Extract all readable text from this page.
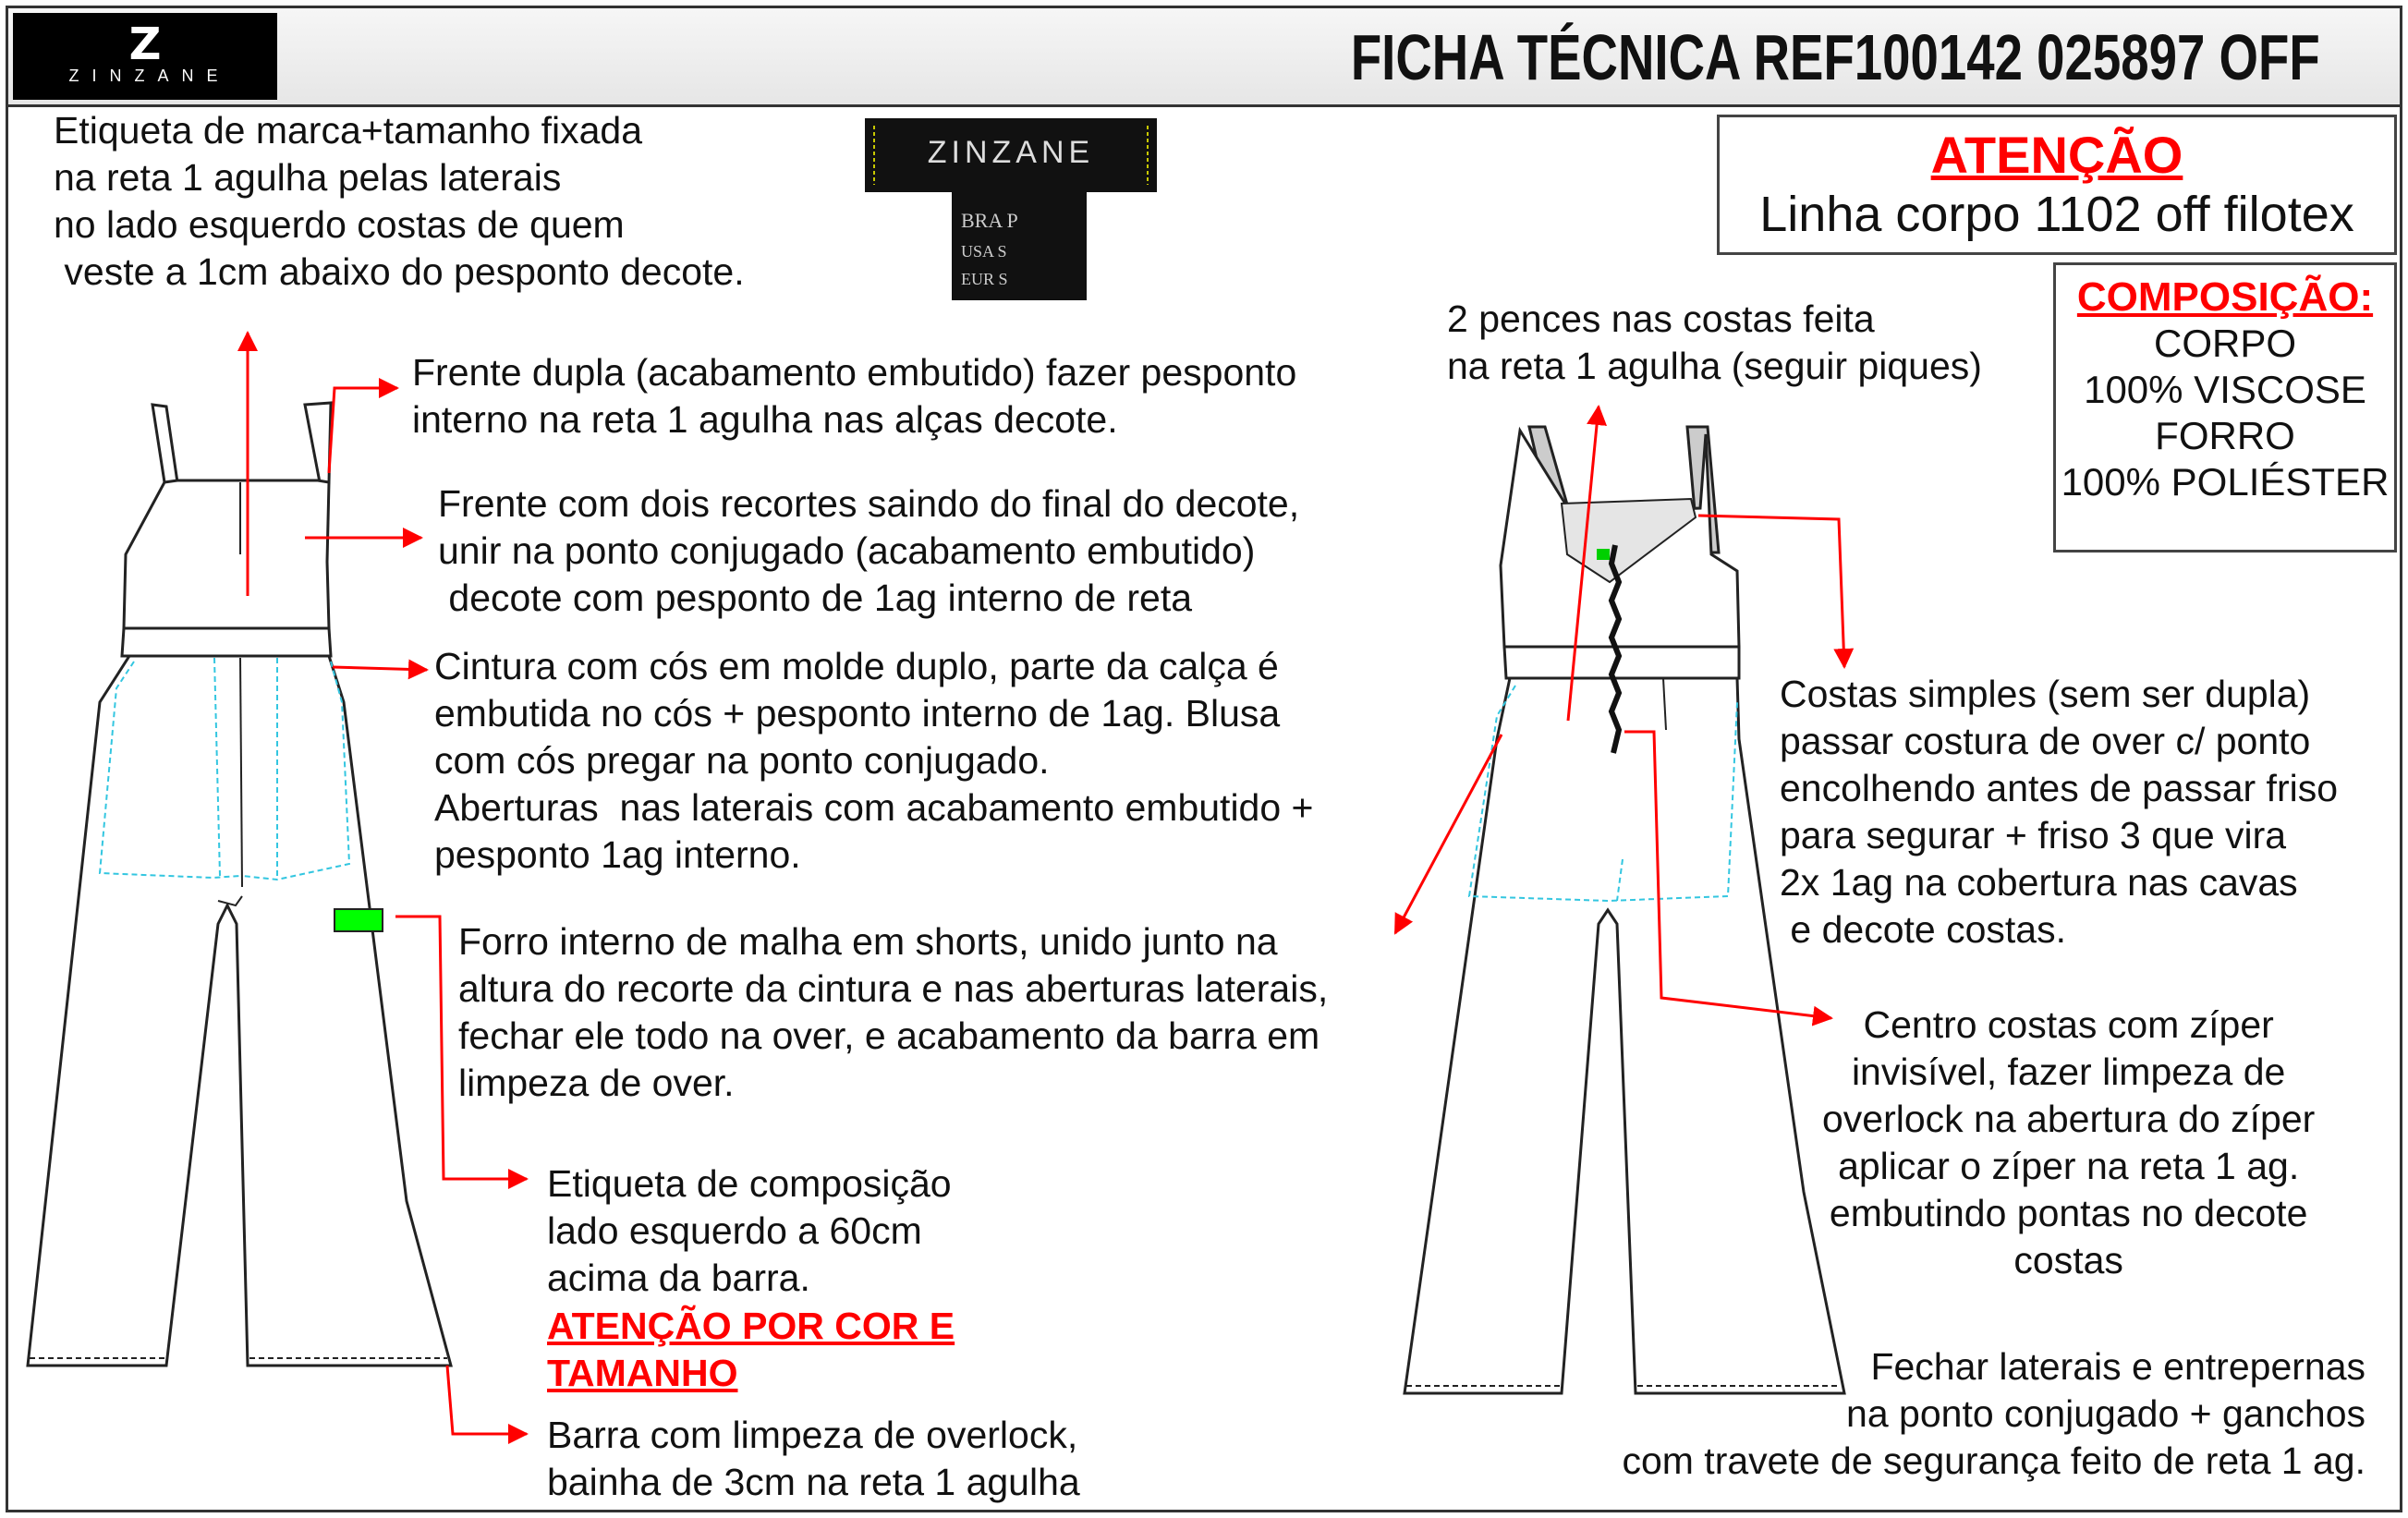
Z
ZINZANE	FICHA TÉCNICA REF100142 025897 OFF
ZINZANE
BRA P
USA S
EUR S
ATENÇÃO
Linha corpo 1102 off filotex
COMPOSIÇÃO:
CORPO
100% VISCOSE
FORRO
100% POLIÉSTER
Etiqueta de marca+tamanho fixada
na reta 1 agulha pelas laterais
no lado esquerdo costas de quem
veste a 1cm abaixo do pesponto decote.
Frente dupla (acabamento embutido) fazer pesponto
interno na reta 1 agulha nas alças decote.
Frente com dois recortes saindo do final do decote,
unir na ponto conjugado (acabamento embutido)
decote com pesponto de 1ag interno de reta
Cintura com cós em molde duplo, parte da calça é
embutida no cós + pesponto interno de 1ag. Blusa
com cós pregar na ponto conjugado.
Aberturas  nas laterais com acabamento embutido +
pesponto 1ag interno.
Forro interno de malha em shorts, unido junto na
altura do recorte da cintura e nas aberturas laterais,
fechar ele todo na over, e acabamento da barra em
limpeza de over.
Etiqueta de composição
lado esquerdo a 60cm
acima da barra.
ATENÇÃO POR COR E
TAMANHO
Barra com limpeza de overlock,
bainha de 3cm na reta 1 agulha
2 pences nas costas feita
na reta 1 agulha (seguir piques)
Costas simples (sem ser dupla)
passar costura de over c/ ponto
encolhendo antes de passar friso
para segurar + friso 3 que vira
2x 1ag na cobertura nas cavas
e decote costas.
Centro costas com zíper
invisível, fazer limpeza de
overlock na abertura do zíper
aplicar o zíper na reta 1 ag.
embutindo pontas no decote
costas
Fechar laterais e entrepernas
na ponto conjugado + ganchos
com travete de segurança feito de reta 1 ag.
